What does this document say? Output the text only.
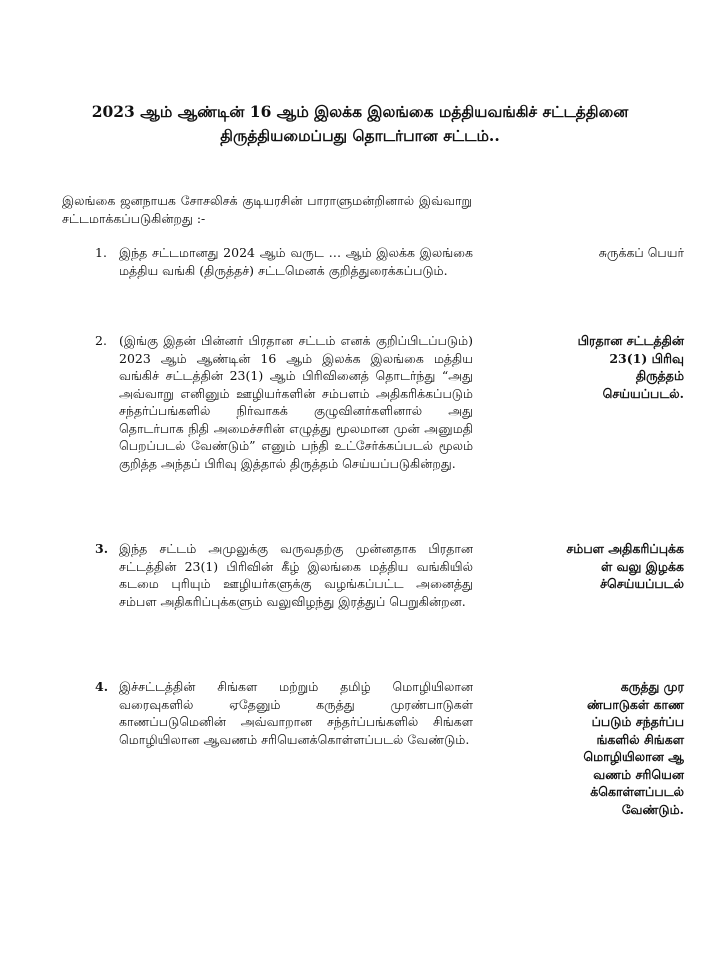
2023 ஆம் ஆண்டின் 16 ஆம் இலக்க இலங்கை மத்தியவங்கிச் சட்டத்தினை
திருத்தியமைப்பது தொடர்பான சட்டம்..

இலங்கை ஜனநாயக சோசலிசக் குடியரசின் பாராளுமன்றினால் இவ்வாறு சட்டமாக்கப்படுகின்றது :-

1. இந்த சட்டமானது 2024 ஆம் வருட … ஆம் இலக்க இலங்கை மத்திய வங்கி (திருத்தச்) சட்டமெனக் குறித்துரைக்கப்படும்.
சுருக்கப் பெயர்
2. (இங்கு இதன் பின்னர் பிரதான சட்டம் எனக் குறிப்பிடப்படும்) 2023 ஆம் ஆண்டின் 16 ஆம் இலக்க இலங்கை மத்திய வங்கிச் சட்டத்தின் 23(1) ஆம் பிரிவினைத் தொடர்ந்து “அது அவ்வாறு எனினும் ஊழியர்களின் சம்பளம் அதிகரிக்கப்படும் சந்தர்ப்பங்களில் நிர்வாகக் குழுவினர்களினால் அது தொடர்பாக நிதி அமைச்சரின் எழுத்து மூலமான முன் அனுமதி பெறப்படல் வேண்டும்” எனும் பந்தி உட்சேர்க்கப்படல் மூலம் குறித்த அந்தப் பிரிவு இத்தால் திருத்தம் செய்யப்படுகின்றது.
பிரதான சட்டத்தின் 23(1) பிரிவு திருத்தம் செய்யப்படல்.
3. இந்த சட்டம் அமுலுக்கு வருவதற்கு முன்னதாக பிரதான சட்டத்தின் 23(1) பிரிவின் கீழ் இலங்கை மத்திய வங்கியில் கடமை புரியும் ஊழியர்களுக்கு வழங்கப்பட்ட அனைத்து சம்பள அதிகரிப்புக்களும் வலுவிழந்து இரத்துப் பெறுகின்றன.
சம்பள அதிகரிப்புக்கள் வலு இழக்கச்செய்யப்படல்
4. இச்சட்டத்தின் சிங்கள மற்றும் தமிழ் மொழியிலான வரைவுகளில் ஏதேனும் கருத்து முரண்பாடுகள் காணப்படுமெனின் அவ்வாறான சந்தர்ப்பங்களில் சிங்கள மொழியிலான ஆவணம் சரியெனக்கொள்ளப்படல் வேண்டும்.
கருத்து முரண்பாடுகள் காணப்படும் சந்தர்ப்பங்களில் சிங்கள மொழியிலான ஆவணம் சரியெனக்கொள்ளப்படல் வேண்டும்.
